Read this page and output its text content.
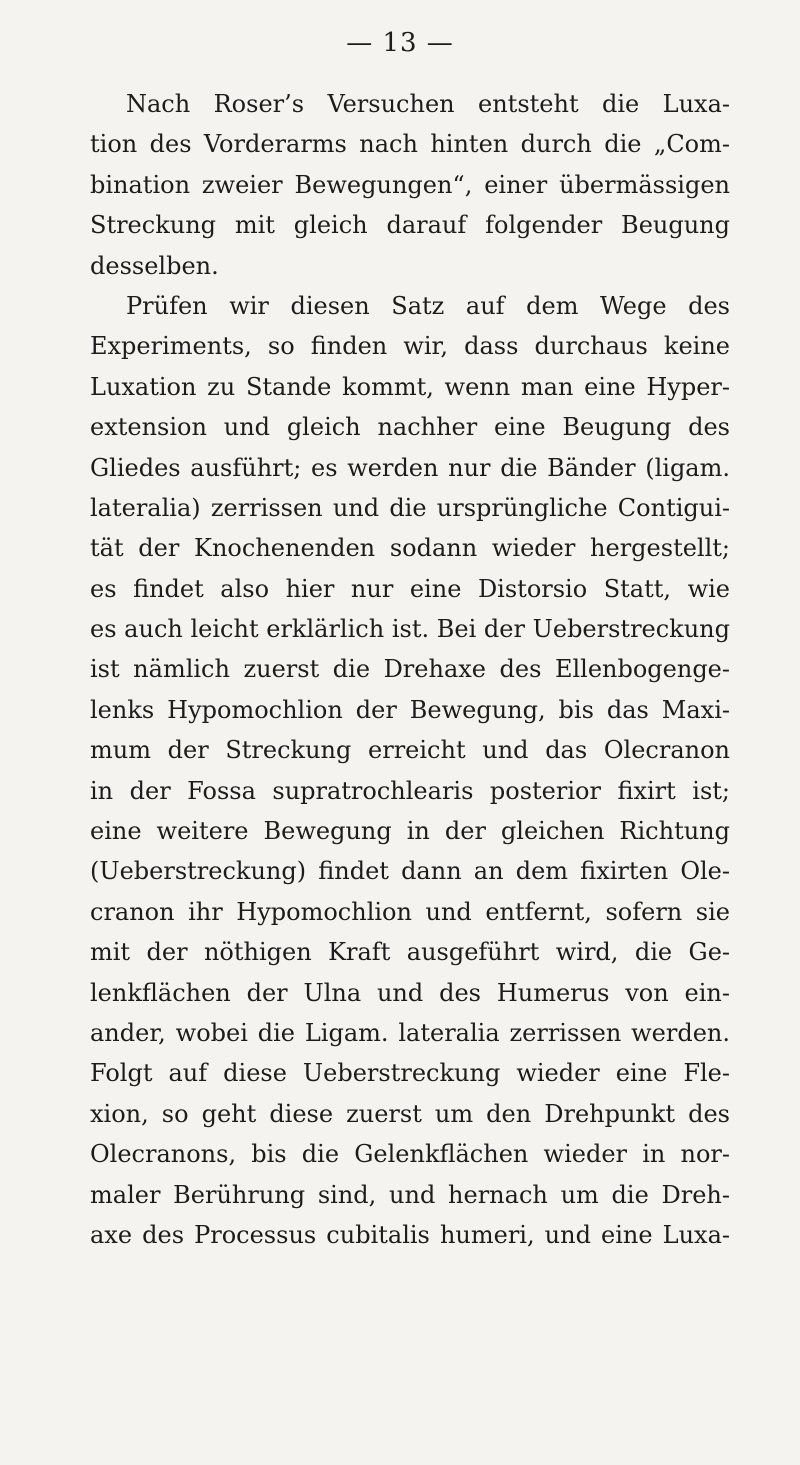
— 13 —

Nach Roser’s Versuchen entsteht die Luxa-
tion des Vorderarms nach hinten durch die „Com-
bination zweier Bewegungen“, einer übermässigen
Streckung mit gleich darauf folgender Beugung
desselben.
Prüfen wir diesen Satz auf dem Wege des
Experiments, so finden wir, dass durchaus keine
Luxation zu Stande kommt, wenn man eine Hyper-
extension und gleich nachher eine Beugung des
Gliedes ausführt; es werden nur die Bänder (ligam.
lateralia) zerrissen und die ursprüngliche Contigui-
tät der Knochenenden sodann wieder hergestellt;
es findet also hier nur eine Distorsio Statt, wie
es auch leicht erklärlich ist. Bei der Ueberstreckung
ist nämlich zuerst die Drehaxe des Ellenbogenge-
lenks Hypomochlion der Bewegung, bis das Maxi-
mum der Streckung erreicht und das Olecranon
in der Fossa supratrochlearis posterior fixirt ist;
eine weitere Bewegung in der gleichen Richtung
(Ueberstreckung) findet dann an dem fixirten Ole-
cranon ihr Hypomochlion und entfernt, sofern sie
mit der nöthigen Kraft ausgeführt wird, die Ge-
lenkflächen der Ulna und des Humerus von ein-
ander, wobei die Ligam. lateralia zerrissen werden.
Folgt auf diese Ueberstreckung wieder eine Fle-
xion, so geht diese zuerst um den Drehpunkt des
Olecranons, bis die Gelenkflächen wieder in nor-
maler Berührung sind, und hernach um die Dreh-
axe des Processus cubitalis humeri, und eine Luxa-
